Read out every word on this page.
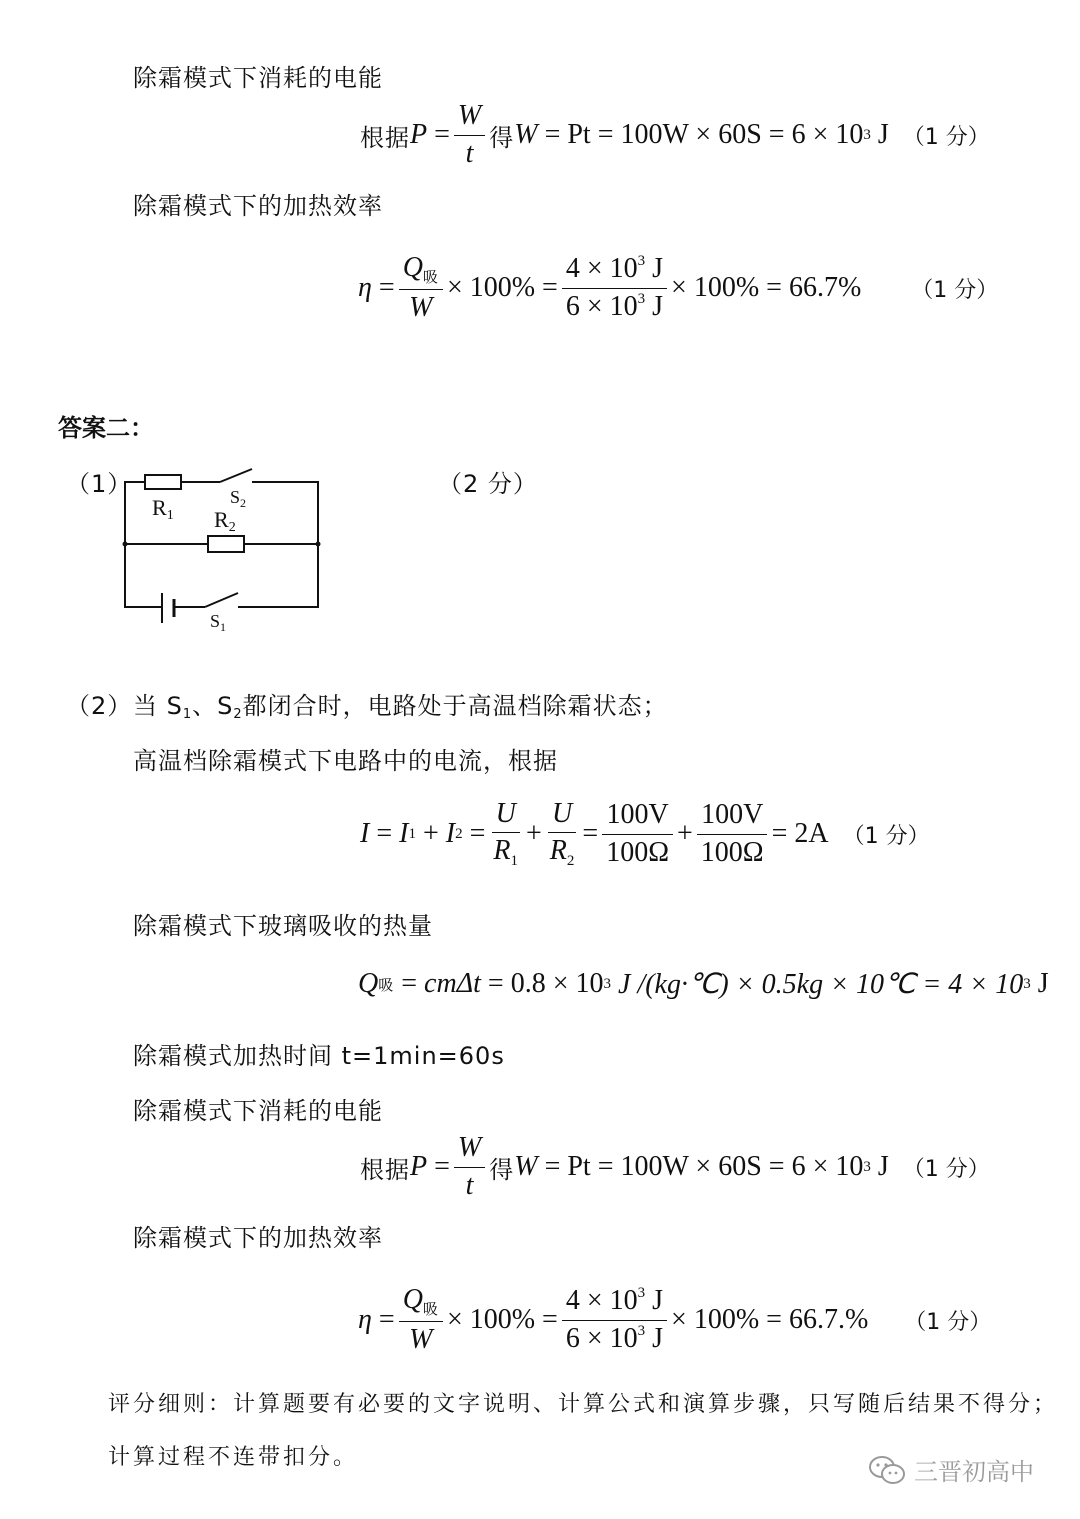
除霜模式下消耗的电能
根据 P
= $\frac{W}{t}$ 得 W
= Pt = 100W × 60S = 6 × 10 3
J （1 分）
除霜模式下的加热效率
η
= $\frac{Q_吸}{W} \times 100\% = \frac{4 \times 10^3 J}{6 \times 10^3 J} \times 100\% = 66.7\%$ （1 分）
答案二：
（1）	（2 分）
R1
$S_2$
R2
$S_1$
（2） 当 $S_1$、$S_2$都闭合时，电路处于高温档除霜状态；
高温档除霜模式下电路中的电流，根据
I
=
I 1
+
I 2
= $\frac{U}{R_1} + \frac{U}{R_2} = \frac{100V}{100\Omega} + \frac{100V}{100\Omega} = 2A$ （1 分）
除霜模式下玻璃吸收的热量
Q 吸
=
cmΔt
= 0.8 × 10 3
J /(kg·℃) × 0.5kg × 10℃ = 4 × 10 3
J
除霜模式加热时间 t=1min=60s
除霜模式下消耗的电能
根据 P
= $\frac{W}{t}$ 得 W
= Pt = 100W × 60S = 6 × 10 3
J （1 分）
除霜模式下的加热效率
η
= $\frac{Q_吸}{W} \times 100\% = \frac{4 \times 10^3 J}{6 \times 10^3 J} \times 100\% = 66.7.\%$ （1 分）
评分细则：计算题要有必要的文字说明、计算公式和演算步骤，只写随后结果不得分；
计算过程不连带扣分。
三晋初高中
